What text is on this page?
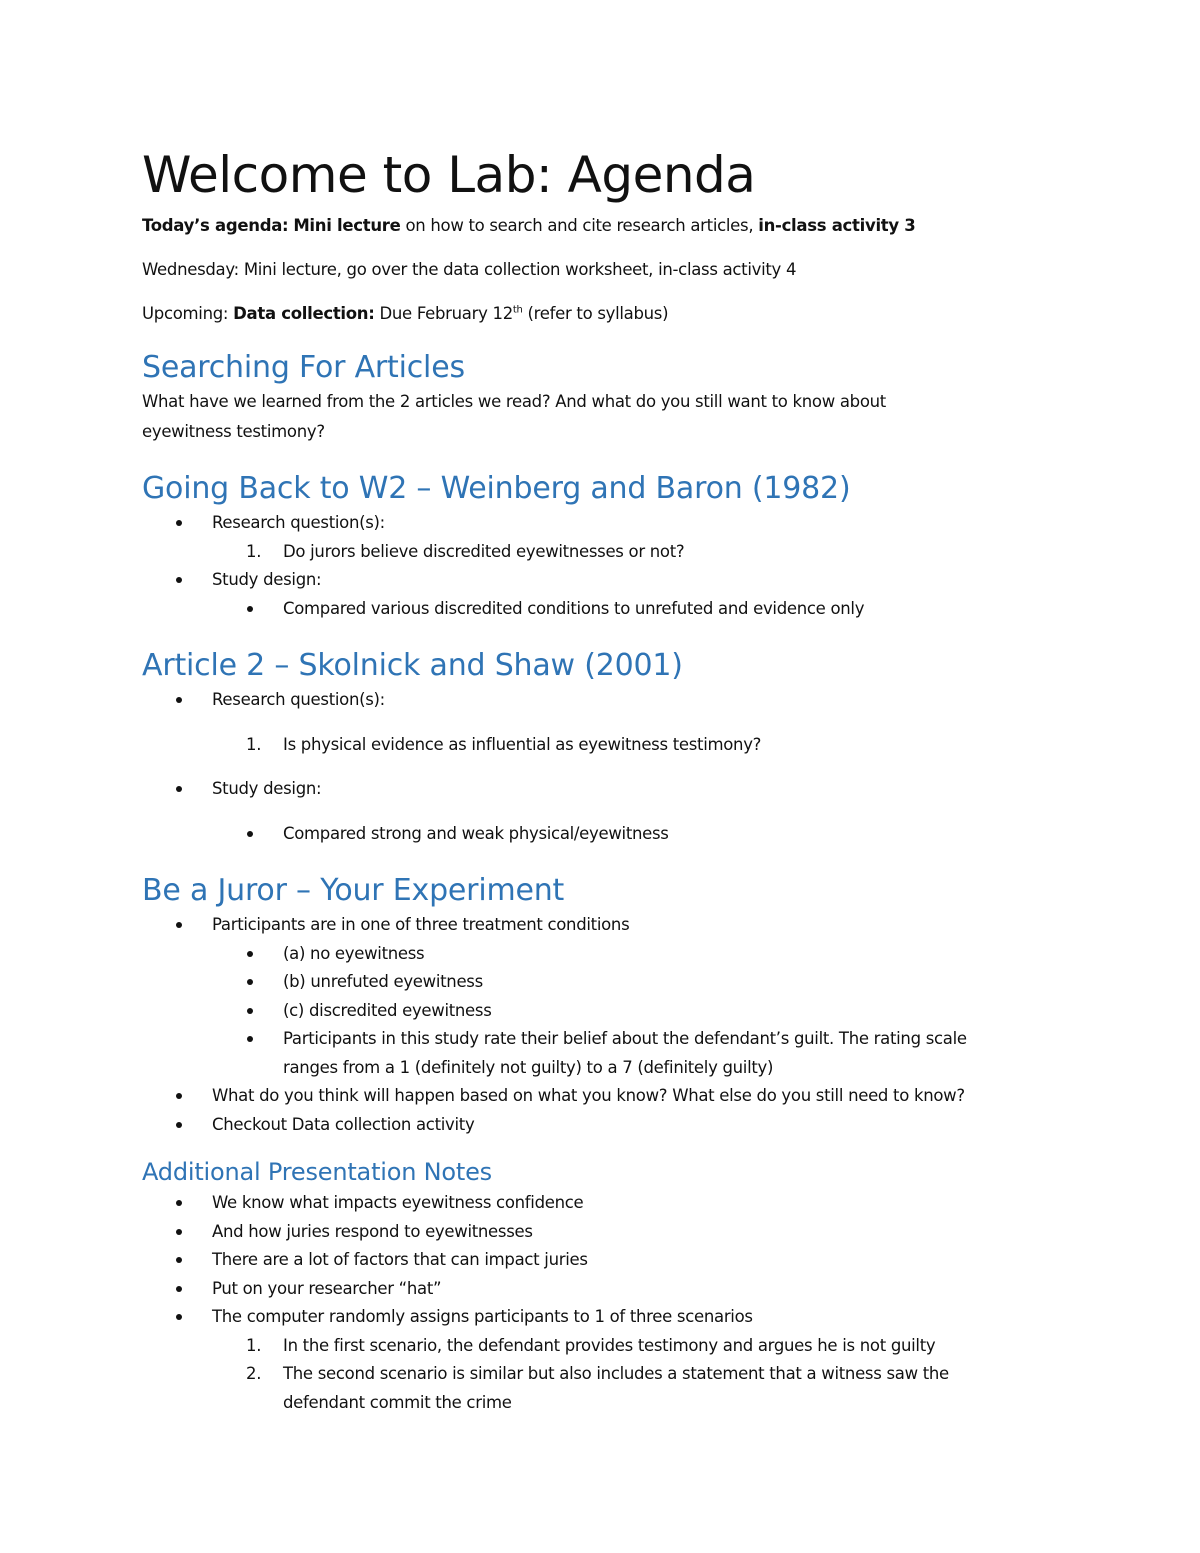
Welcome to Lab: Agenda

Today’s agenda: Mini lecture on how to search and cite research articles, in-class activity 3

Wednesday: Mini lecture, go over the data collection worksheet, in-class activity 4

Upcoming: Data collection: Due February 12th (refer to syllabus)

Searching For Articles

What have we learned from the 2 articles we read? And what do you still want to know about

eyewitness testimony?

Going Back to W2 – Weinberg and Baron (1982)
Research question(s):
1. Do jurors believe discredited eyewitnesses or not?
Study design:
Compared various discredited conditions to unrefuted and evidence only
Article 2 – Skolnick and Shaw (2001)
Research question(s):
1. Is physical evidence as influential as eyewitness testimony?
Study design:
Compared strong and weak physical/eyewitness
Be a Juror – Your Experiment
Participants are in one of three treatment conditions
(a) no eyewitness
(b) unrefuted eyewitness
(c) discredited eyewitness
Participants in this study rate their belief about the defendant’s guilt. The rating scale
ranges from a 1 (definitely not guilty) to a 7 (definitely guilty)
What do you think will happen based on what you know? What else do you still need to know?
Checkout Data collection activity
Additional Presentation Notes
We know what impacts eyewitness confidence
And how juries respond to eyewitnesses
There are a lot of factors that can impact juries
Put on your researcher “hat”
The computer randomly assigns participants to 1 of three scenarios
1. In the first scenario, the defendant provides testimony and argues he is not guilty
2. The second scenario is similar but also includes a statement that a witness saw the
defendant commit the crime
